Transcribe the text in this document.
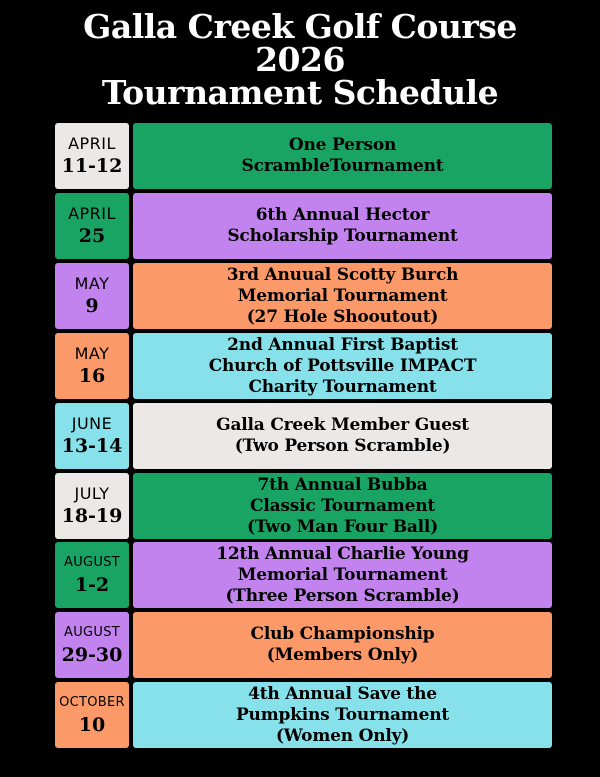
Galla Creek Golf Course
2026
Tournament Schedule
APRIL
11-12
One Person
ScrambleTournament
APRIL
25
6th Annual Hector
Scholarship Tournament
MAY
9
3rd Anuual Scotty Burch
Memorial Tournament
(27 Hole Shooutout)
MAY
16
2nd Annual First Baptist
Church of Pottsville IMPACT
Charity Tournament
JUNE
13-14
Galla Creek Member Guest
(Two Person Scramble)
JULY
18-19
7th Annual Bubba
Classic Tournament
(Two Man Four Ball)
AUGUST
1-2
12th Annual Charlie Young
Memorial Tournament
(Three Person Scramble)
AUGUST
29-30
Club Championship
(Members Only)
OCTOBER
10
4th Annual Save the
Pumpkins Tournament
(Women Only)
